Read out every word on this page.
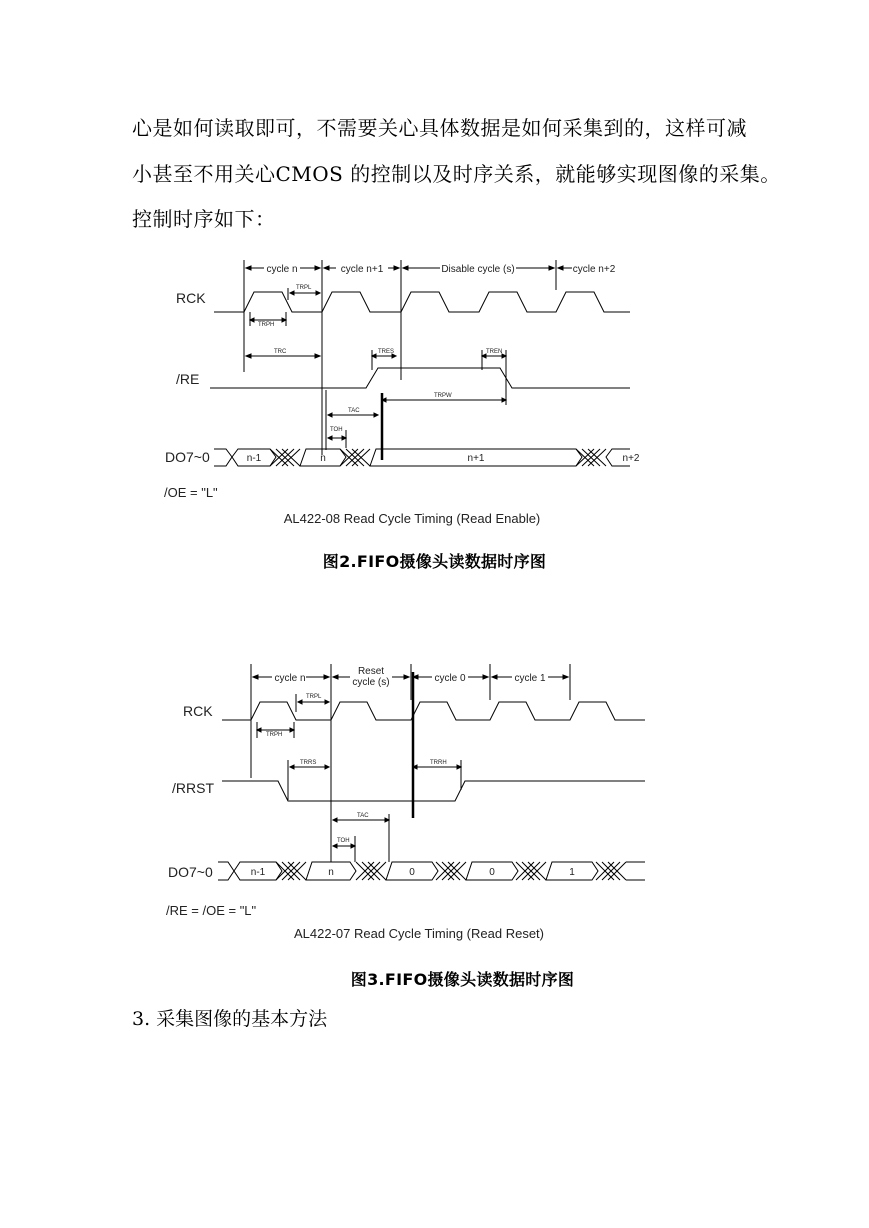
心是如何读取即可，不需要关心具体数据是如何采集到的，这样可减
小甚至不用关心CMOS 的控制以及时序关系，就能够实现图像的采集。
控制时序如下：
cycle n	cycle n+1	Disable cycle (s)	cycle n+2
RCK
/RE
DO7~0
TRPL
TRPH
TRC	TRES	TREN
TAC
TRPW
TOH
n-1	n	n+1	n+2
/OE = "L"
AL422-08 Read Cycle Timing (Read Enable)
图2.FIFO摄像头读数据时序图
cycle n
Reset
cycle (s)	cycle 0	cycle 1
RCK
/RRST
DO7~0
TRPL
TRPH
TRRS	TRRH
TAC
TOH
n-1	n	0	0	1
/RE = /OE = "L"
AL422-07 Read Cycle Timing (Read Reset)
图3.FIFO摄像头读数据时序图
3. 采集图像的基本方法
